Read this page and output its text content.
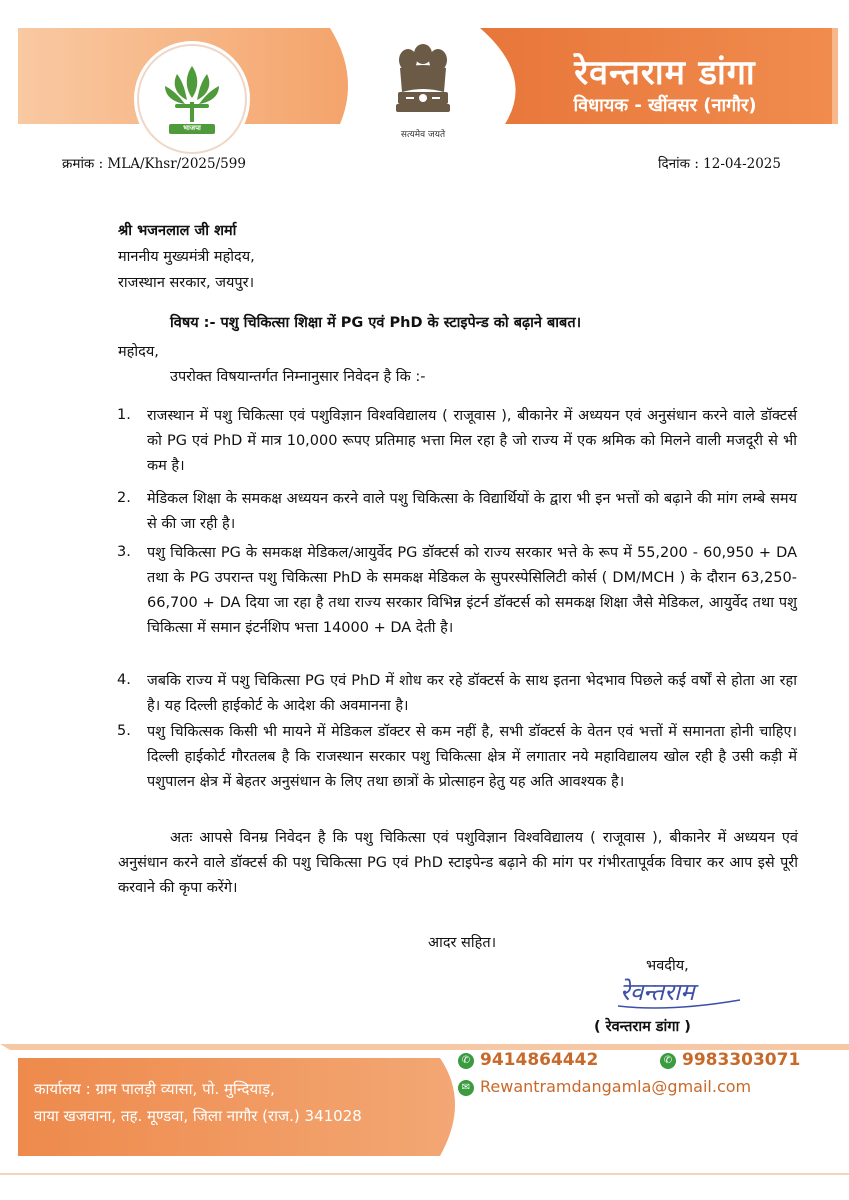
भाजपा
सत्यमेव जयते
रेवन्तराम डांगा
विधायक - खींवसर (नागौर)
क्रमांक : MLA/Khsr/2025/599	दिनांक : 12-04-2025
श्री भजनलाल जी शर्मा
माननीय मुख्यमंत्री महोदय,
राजस्थान सरकार, जयपुर।
विषय :- पशु चिकित्सा शिक्षा में PG एवं PhD के स्टाइपेन्ड को बढ़ाने बाबत।
महोदय,
उपरोक्त विषयान्तर्गत निम्नानुसार निवेदन है कि :-
1. राजस्थान में पशु चिकित्सा एवं पशुविज्ञान विश्वविद्यालय ( राजूवास ), बीकानेर में अध्ययन एवं अनुसंधान करने वाले डॉक्टर्स को PG एवं PhD में मात्र 10,000 रूपए प्रतिमाह भत्ता मिल रहा है जो राज्य में एक श्रमिक को मिलने वाली मजदूरी से भी कम है।
2. मेडिकल शिक्षा के समकक्ष अध्ययन करने वाले पशु चिकित्सा के विद्यार्थियों के द्वारा भी इन भत्तों को बढ़ाने की मांग लम्बे समय से की जा रही है।
3. पशु चिकित्सा PG के समकक्ष मेडिकल/आयुर्वेद PG डॉक्टर्स को राज्य सरकार भत्ते के रूप में 55,200 - 60,950 + DA तथा के PG उपरान्त पशु चिकित्सा PhD के समकक्ष मेडिकल के सुपरस्पेसिलिटी कोर्स ( DM/MCH ) के दौरान 63,250-66,700 + DA दिया जा रहा है तथा राज्य सरकार विभिन्न इंटर्न डॉक्टर्स को समकक्ष शिक्षा जैसे मेडिकल, आयुर्वेद तथा पशु चिकित्सा में समान इंटर्नशिप भत्ता 14000 + DA देती है।
4. जबकि राज्य में पशु चिकित्सा PG एवं PhD में शोध कर रहे डॉक्टर्स के साथ इतना भेदभाव पिछले कई वर्षों से होता आ रहा है। यह दिल्ली हाईकोर्ट के आदेश की अवमानना है।
5. पशु चिकित्सक किसी भी मायने में मेडिकल डॉक्टर से कम नहीं है, सभी डॉक्टर्स के वेतन एवं भत्तों में समानता होनी चाहिए। दिल्ली हाईकोर्ट गौरतलब है कि राजस्थान सरकार पशु चिकित्सा क्षेत्र में लगातार नये महाविद्यालय खोल रही है उसी कड़ी में पशुपालन क्षेत्र में बेहतर अनुसंधान के लिए तथा छात्रों के प्रोत्साहन हेतु यह अति आवश्यक है।
अतः आपसे विनम्र निवेदन है कि पशु चिकित्सा एवं पशुविज्ञान विश्वविद्यालय ( राजूवास ), बीकानेर में अध्ययन एवं अनुसंधान करने वाले डॉक्टर्स की पशु चिकित्सा PG एवं PhD स्टाइपेन्ड बढ़ाने की मांग पर गंभीरतापूर्वक विचार कर आप इसे पूरी करवाने की कृपा करेंगे।
आदर सहित।
भवदीय,
रेवन्तराम
( रेवन्तराम डांगा )
कार्यालय : ग्राम पालड़ी व्यासा, पो. मुन्दियाड़,
वाया खजवाना, तह. मूण्डवा, जिला नागौर (राज.) 341028
✆ 9414864442	✆ 9983303071
✉ Rewantramdangamla@gmail.com
